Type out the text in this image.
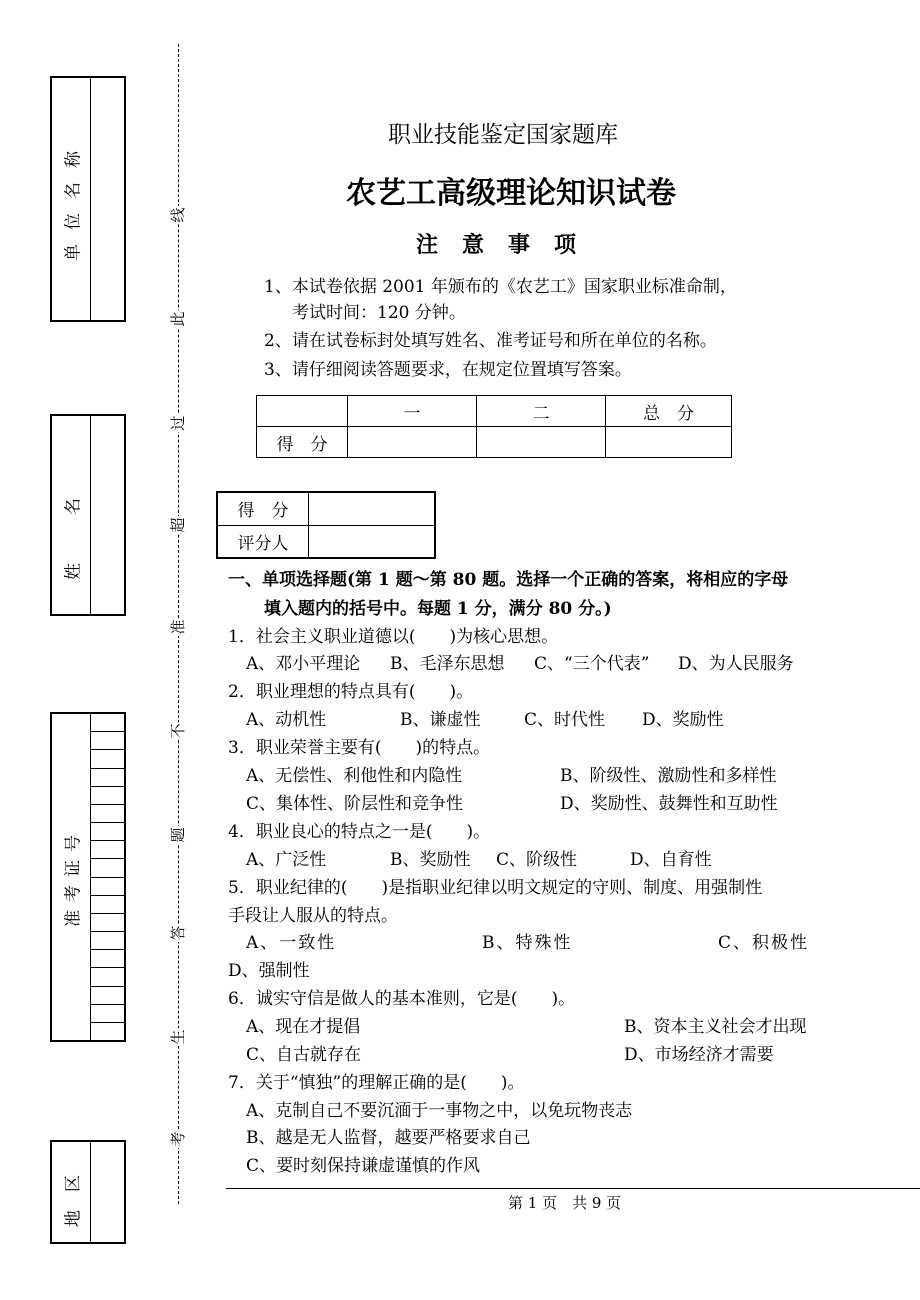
单位名称
姓名
准考证号
地区
线
此
过
超
准
不
题
答
生
考
职业技能鉴定国家题库
农艺工高级理论知识试卷
注意事项
1、本试卷依据 2001 年颁布的《农艺工》国家职业标准命制，
考试时间：120 分钟。
2、请在试卷标封处填写姓名、准考证号和所在单位的名称。
3、请仔细阅读答题要求，在规定位置填写答案。
	一	二	总　分
得　分			
得　分	
评分人	
一、单项选择题(第 1 题～第 80 题。选择一个正确的答案，将相应的字母
填入题内的括号中。每题 1 分，满分 80 分。)
1．社会主义职业道德以(　　)为核心思想。
A、邓小平理论 B、毛泽东思想 C、“三个代表” D、为人民服务
2．职业理想的特点具有(　　)。
A、动机性	B、谦虚性	C、时代性 D、奖励性
3．职业荣誉主要有(　　)的特点。
A、无偿性、利他性和内隐性	B、阶级性、激励性和多样性
C、集体性、阶层性和竞争性	D、奖励性、鼓舞性和互助性
4．职业良心的特点之一是(　　)。
A、广泛性	B、奖励性 C、阶级性	D、自育性
5．职业纪律的(　　)是指职业纪律以明文规定的守则、制度、用强制性
手段让人服从的特点。
A、一致性	B、特殊性	C、积极性
D、强制性
6．诚实守信是做人的基本准则，它是(　　)。
A、现在才提倡	B、资本主义社会才出现
C、自古就存在	D、市场经济才需要
7．关于“慎独”的理解正确的是(　　)。
A、克制自己不要沉湎于一事物之中，以免玩物丧志
B、越是无人监督，越要严格要求自己
C、要时刻保持谦虚谨慎的作风
第 1 页　共 9 页
